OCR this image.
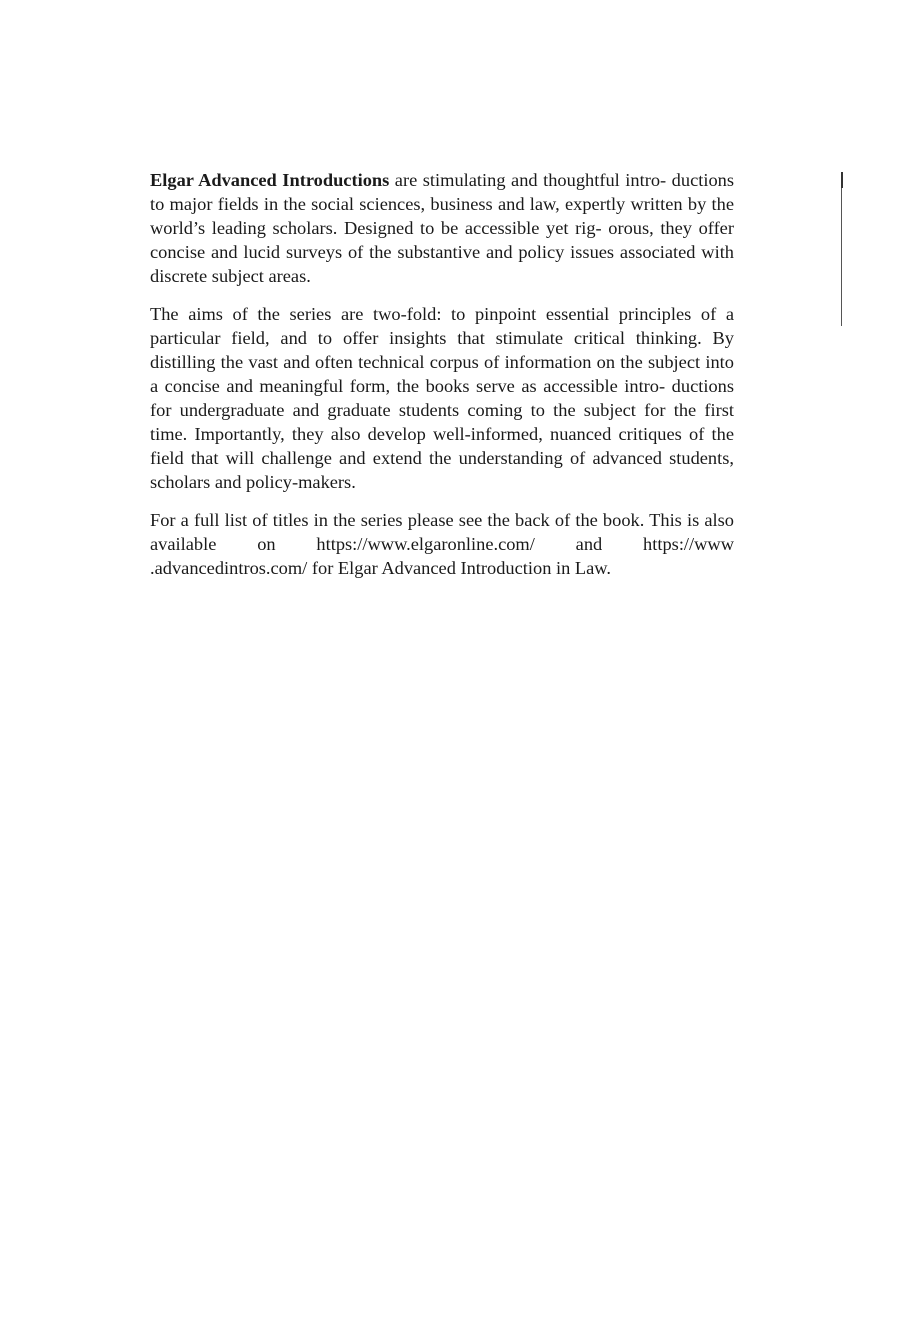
Elgar Advanced Introductions are stimulating and thoughtful intro- ductions to major fields in the social sciences, business and law, expertly written by the world’s leading scholars. Designed to be accessible yet rig- orous, they offer concise and lucid surveys of the substantive and policy issues associated with discrete subject areas.

The aims of the series are two-fold: to pinpoint essential principles of a particular field, and to offer insights that stimulate critical thinking. By distilling the vast and often technical corpus of information on the subject into a concise and meaningful form, the books serve as accessible intro- ductions for undergraduate and graduate students coming to the subject for the first time. Importantly, they also develop well-informed, nuanced critiques of the field that will challenge and extend the understanding of advanced students, scholars and policy-makers.

For a full list of titles in the series please see the back of the book. This is also available on https://www.elgaronline.com/ and https://www .advancedintros.com/ for Elgar Advanced Introduction in Law.
